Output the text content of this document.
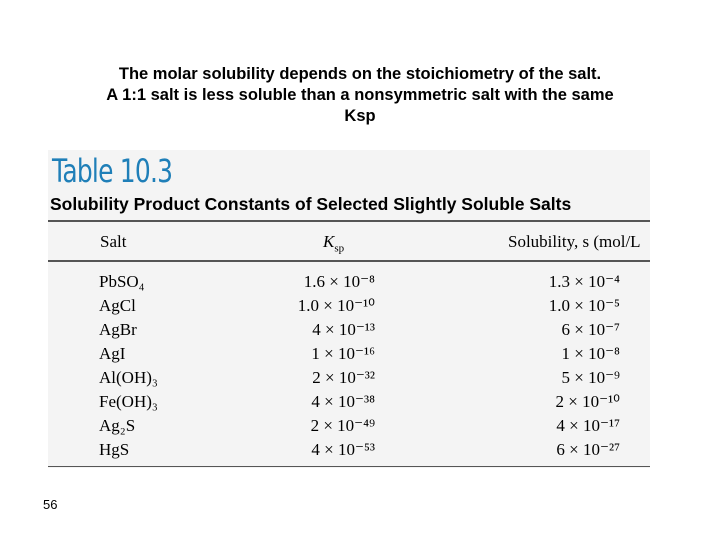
The molar solubility depends on the stoichiometry of the salt.
A 1:1 salt is less soluble than a nonsymmetric salt with the same
Ksp
Table 10.3
Solubility Product Constants of Selected Slightly Soluble Salts
Salt	$K_{sp}$	Solubility, s (mol/L
PbSO₄	1.6 × 10⁻⁸	1.3 × 10⁻⁴
AgCl	1.0 × 10⁻¹⁰	1.0 × 10⁻⁵
AgBr	4 × 10⁻¹³	6 × 10⁻⁷
AgI	1 × 10⁻¹⁶	1 × 10⁻⁸
Al(OH)₃	2 × 10⁻³²	5 × 10⁻⁹
Fe(OH)₃	4 × 10⁻³⁸	2 × 10⁻¹⁰
Ag₂S	2 × 10⁻⁴⁹	4 × 10⁻¹⁷
HgS	4 × 10⁻⁵³	6 × 10⁻²⁷
56
